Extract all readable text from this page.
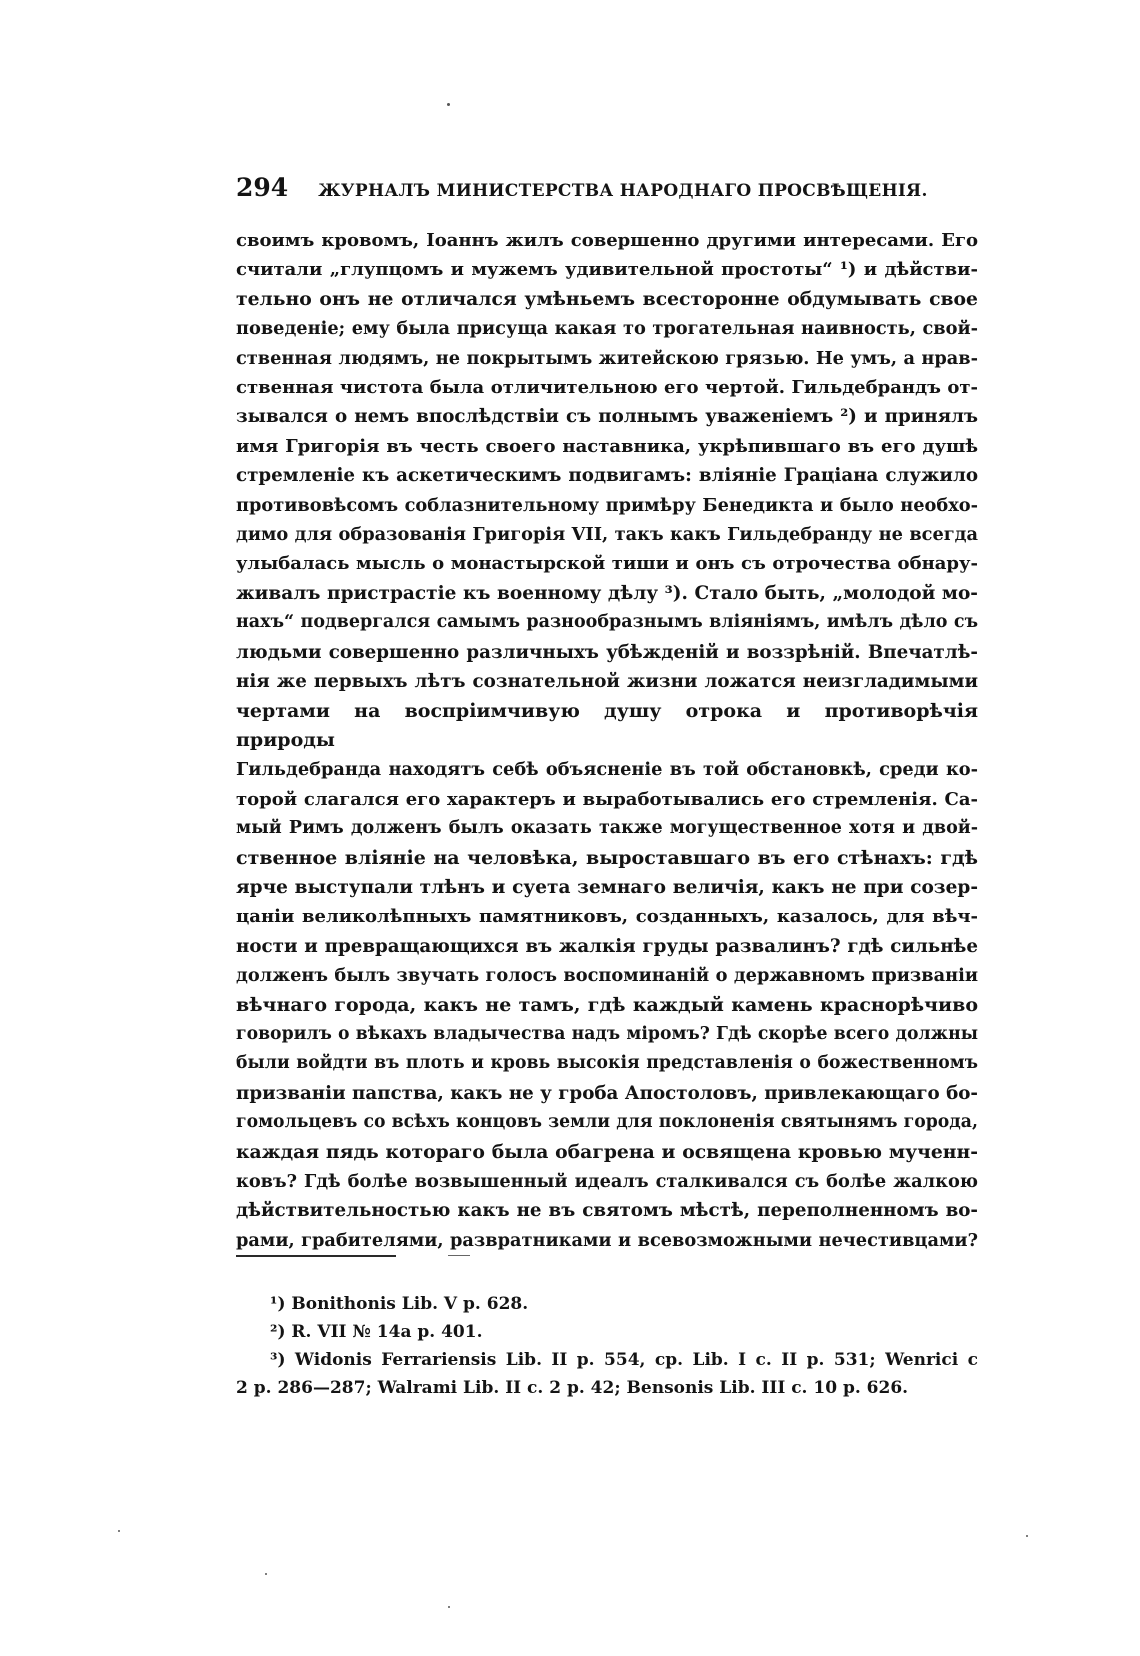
294 ЖУРНАЛЪ МИНИСТЕРСТВА НАРОДНАГО ПРОСВѢЩЕНІЯ.
своимъ кровомъ, Іоаннъ жилъ совершенно другими интересами. Его
считали „глупцомъ и мужемъ удивительной простоты“ ¹) и дѣйстви-
тельно онъ не отличался умѣньемъ всесторонне обдумывать свое
поведеніе; ему была присуща какая то трогательная наивность, свой-
ственная людямъ, не покрытымъ житейскою грязью. Не умъ, а нрав-
ственная чистота была отличительною его чертой. Гильдебрандъ от-
зывался о немъ впослѣдствіи съ полнымъ уваженіемъ ²) и принялъ
имя Григорія въ честь своего наставника, укрѣпившаго въ его душѣ
стремленіе къ аскетическимъ подвигамъ: вліяніе Граціана служило
противовѣсомъ соблазнительному примѣру Бенедикта и было необхо-
димо для образованія Григорія VII, такъ какъ Гильдебранду не всегда
улыбалась мысль о монастырской тиши и онъ съ отрочества обнару-
живалъ пристрастіе къ военному дѣлу ³). Стало быть, „молодой мо-
нахъ“ подвергался самымъ разнообразнымъ вліяніямъ, имѣлъ дѣло съ
людьми совершенно различныхъ убѣжденій и воззрѣній. Впечатлѣ-
нія же первыхъ лѣтъ сознательной жизни ложатся неизгладимыми
чертами на воспріимчивую душу отрока и противорѣчія природы
Гильдебранда находятъ себѣ объясненіе въ той обстановкѣ, среди ко-
торой слагался его характеръ и выработывались его стремленія. Са-
мый Римъ долженъ былъ оказать также могущественное хотя и двой-
ственное вліяніе на человѣка, выроставшаго въ его стѣнахъ: гдѣ
ярче выступали тлѣнъ и суета земнаго величія, какъ не при созер-
цаніи великолѣпныхъ памятниковъ, созданныхъ, казалось, для вѣч-
ности и превращающихся въ жалкія груды развалинъ? гдѣ сильнѣе
долженъ былъ звучать голосъ воспоминаній о державномъ призваніи
вѣчнаго города, какъ не тамъ, гдѣ каждый камень краснорѣчиво
говорилъ о вѣкахъ владычества надъ міромъ? Гдѣ скорѣе всего должны
были войдти въ плоть и кровь высокія представленія о божественномъ
призваніи папства, какъ не у гроба Апостоловъ, привлекающаго бо-
гомольцевъ со всѣхъ концовъ земли для поклоненія святынямъ города,
каждая пядь котораго была обагрена и освящена кровью мученн-
ковъ? Гдѣ болѣе возвышенный идеалъ сталкивался съ болѣе жалкою
дѣйствительностью какъ не въ святомъ мѣстѣ, переполненномъ во-
рами, грабителями, развратниками и всевозможными нечестивцами?
¹) Bonithonis Lib. V p. 628.
²) R. VII № 14a p. 401.
³) Widonis Ferrariensis Lib. II p. 554, cp. Lib. I c. II p. 531; Wenrici c
2 p. 286—287; Walrami Lib. II c. 2 p. 42; Bensonis Lib. III c. 10 p. 626.
